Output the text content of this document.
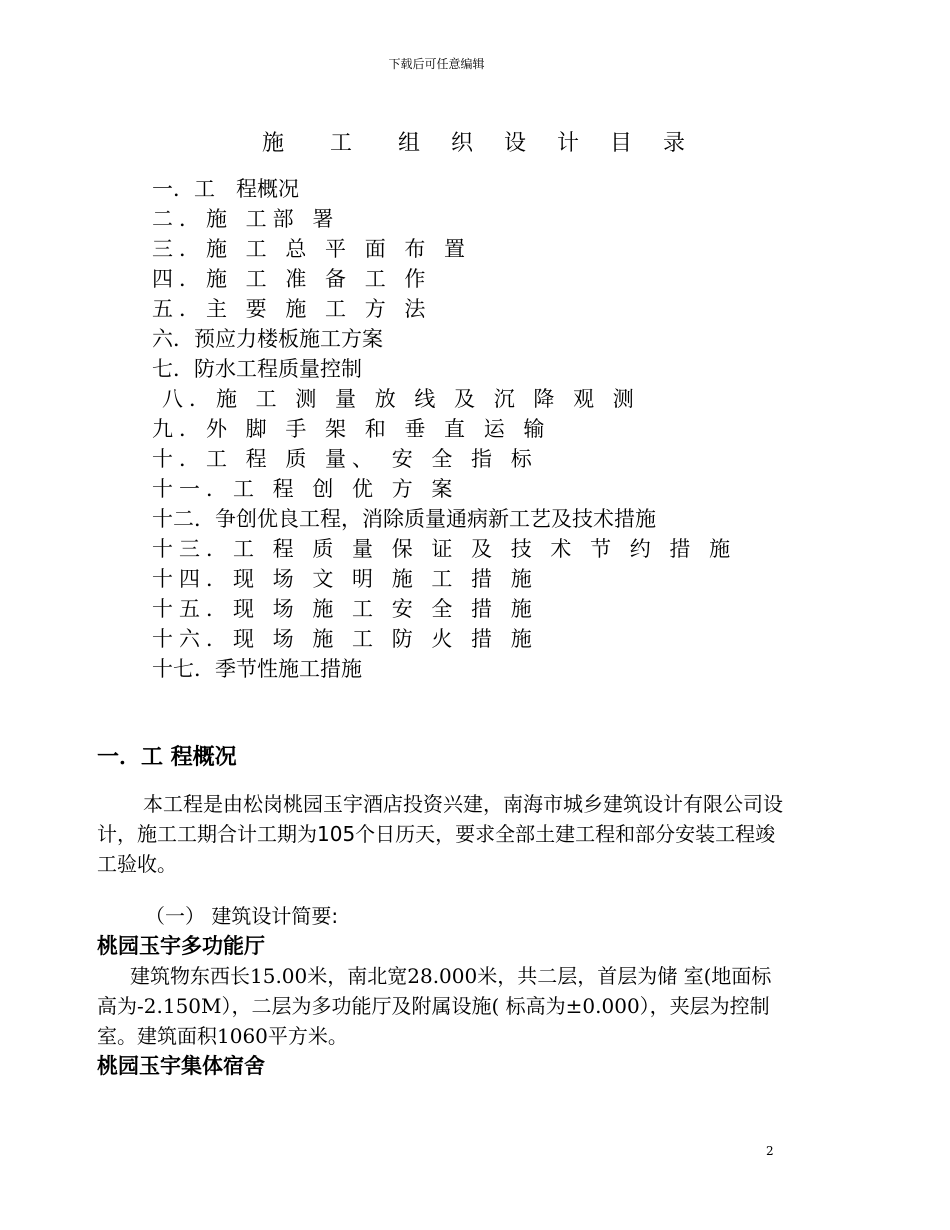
下载后可任意编辑
施　工　组 织 设 计 目 录
一．工　程概况
二．施 工部 署
三．施 工 总 平 面 布 置
四．施 工 准 备 工 作
五．主 要 施 工 方 法
六．预应力楼板施工方案
七．防水工程质量控制
八．施 工 测 量 放 线 及 沉 降 观 测
九．外 脚 手 架 和 垂 直 运 输
十．工 程 质 量、 安 全 指 标
十一．工 程 创 优 方 案
十二．争创优良工程，消除质量通病新工艺及技术措施
十三．工 程 质 量 保 证 及 技 术 节 约 措 施
十四．现 场 文 明 施 工 措 施
十五．现 场 施 工 安 全 措 施
十六．现 场 施 工 防 火 措 施
十七．季节性施工措施
一．工 程概况

本工程是由松岗桃园玉宇酒店投资兴建，南海市城乡建筑设计有限公司设计，施工工期合计工期为105个日历天，要求全部土建工程和部分安装工程竣工验收。

（一） 建筑设计简要:
桃园玉宇多功能厅

建筑物东西长15.00米，南北宽28.000米，共二层，首层为储 室(地面标高为-2.150M），二层为多功能厅及附属设施( 标高为±0.000），夹层为控制室。建筑面积1060平方米。

桃园玉宇集体宿舍
2
